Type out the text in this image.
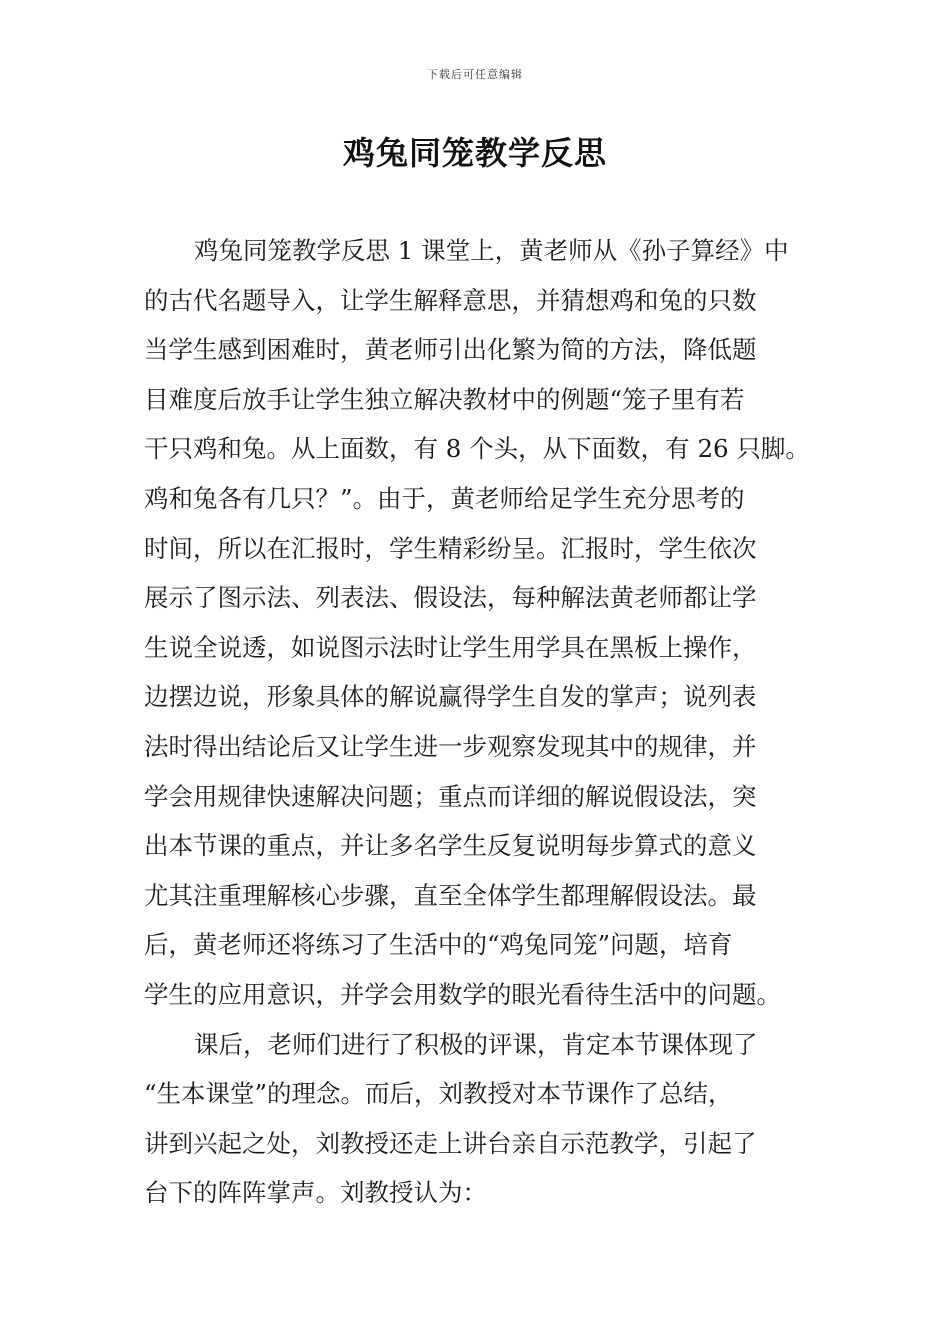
下载后可任意编辑
鸡兔同笼教学反思
鸡兔同笼教学反思 1 课堂上，黄老师从《孙子算经》中
的古代名题导入，让学生解释意思，并猜想鸡和兔的只数
当学生感到困难时，黄老师引出化繁为简的方法，降低题
目难度后放手让学生独立解决教材中的例题“笼子里有若
干只鸡和兔。从上面数，有 8 个头，从下面数，有 26 只脚。
鸡和兔各有几只？”。由于，黄老师给足学生充分思考的
时间，所以在汇报时，学生精彩纷呈。汇报时，学生依次
展示了图示法、列表法、假设法，每种解法黄老师都让学
生说全说透，如说图示法时让学生用学具在黑板上操作，
边摆边说，形象具体的解说赢得学生自发的掌声；说列表
法时得出结论后又让学生进一步观察发现其中的规律，并
学会用规律快速解决问题；重点而详细的解说假设法，突
出本节课的重点，并让多名学生反复说明每步算式的意义
尤其注重理解核心步骤，直至全体学生都理解假设法。最
后，黄老师还将练习了生活中的“鸡兔同笼”问题，培育
学生的应用意识，并学会用数学的眼光看待生活中的问题。
课后，老师们进行了积极的评课，肯定本节课体现了
“生本课堂”的理念。而后，刘教授对本节课作了总结，
讲到兴起之处，刘教授还走上讲台亲自示范教学，引起了
台下的阵阵掌声。刘教授认为：
